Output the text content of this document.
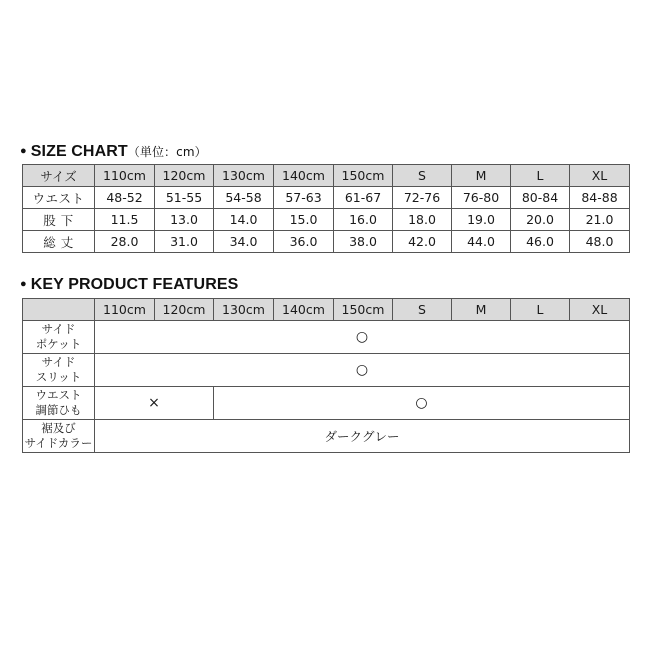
● SIZE CHART（単位：cm）
サイズ	110cm	120cm	130cm	140cm	150cm	S	M	L	XL
ウエスト	48-52	51-55	54-58	57-63	61-67	72-76	76-80	80-84	84-88
股 下	11.5	13.0	14.0	15.0	16.0	18.0	19.0	20.0	21.0
総 丈	28.0	31.0	34.0	36.0	38.0	42.0	44.0	46.0	48.0
● KEY PRODUCT FEATURES
	110cm	120cm	130cm	140cm	150cm	S	M	L	XL

サイド
ポケット	○								

サイド
スリット	○								

ウエスト
調節ひも	×		○						

裾及び
サイドカラー	ダークグレー								
